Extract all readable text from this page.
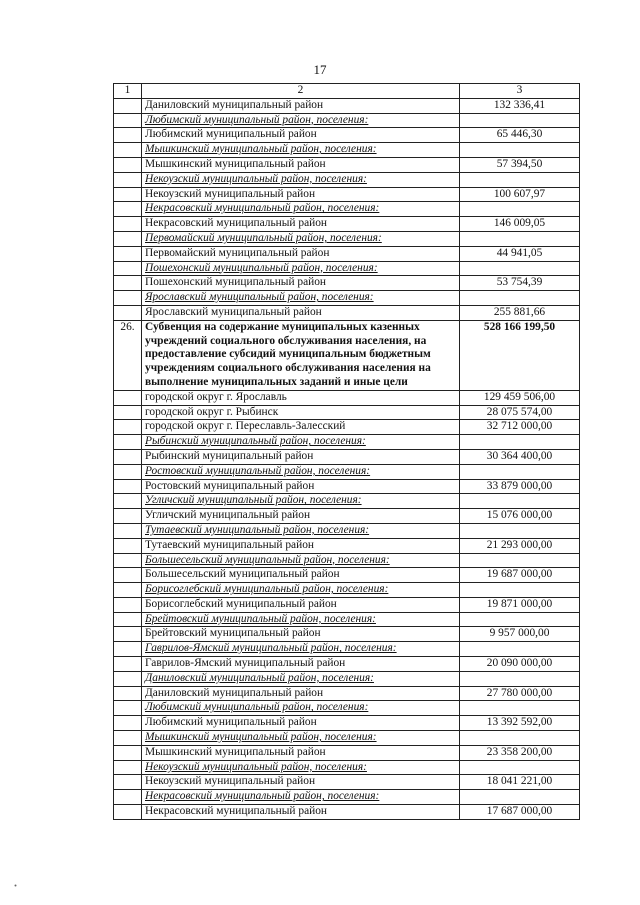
17
1	2	3
	Даниловский муниципальный район	132 336,41
	Любимский муниципальный район, поселения:	
	Любимский муниципальный район	65 446,30
	Мышкинский муниципальный район, поселения:	
	Мышкинский муниципальный район	57 394,50
	Некоузский муниципальный район, поселения:	
	Некоузский муниципальный район	100 607,97
	Некрасовский муниципальный район, поселения:	
	Некрасовский муниципальный район	146 009,05
	Первомайский муниципальный район, поселения:	
	Первомайский муниципальный район	44 941,05
	Пошехонский муниципальный район, поселения:	
	Пошехонский муниципальный район	53 754,39
	Ярославский муниципальный район, поселения:	
	Ярославский муниципальный район	255 881,66
26.	Субвенция на содержание муниципальных казенных учреждений социального обслуживания населения, на предоставление субсидий муниципальным бюджетным учреждениям социального обслуживания населения на выполнение муниципальных заданий и иные цели	528 166 199,50
	городской округ г. Ярославль	129 459 506,00
	городской округ г. Рыбинск	28 075 574,00
	городской округ г. Переславль-Залесский	32 712 000,00
	Рыбинский муниципальный район, поселения:	
	Рыбинский муниципальный район	30 364 400,00
	Ростовский муниципальный район, поселения:	
	Ростовский муниципальный район	33 879 000,00
	Угличский муниципальный район, поселения:	
	Угличский муниципальный район	15 076 000,00
	Тутаевский муниципальный район, поселения:	
	Тутаевский муниципальный район	21 293 000,00
	Большесельский муниципальный район, поселения:	
	Большесельский муниципальный район	19 687 000,00
	Борисоглебский муниципальный район, поселения:	
	Борисоглебский муниципальный район	19 871 000,00
	Брейтовский муниципальный район, поселения:	
	Брейтовский муниципальный район	9 957 000,00
	Гаврилов-Ямский муниципальный район, поселения:	
	Гаврилов-Ямский муниципальный район	20 090 000,00
	Даниловский муниципальный район, поселения:	
	Даниловский муниципальный район	27 780 000,00
	Любимский муниципальный район, поселения:	
	Любимский муниципальный район	13 392 592,00
	Мышкинский муниципальный район, поселения:	
	Мышкинский муниципальный район	23 358 200,00
	Некоузский муниципальный район, поселения:	
	Некоузский муниципальный район	18 041 221,00
	Некрасовский муниципальный район, поселения:	
	Некрасовский муниципальный район	17 687 000,00
